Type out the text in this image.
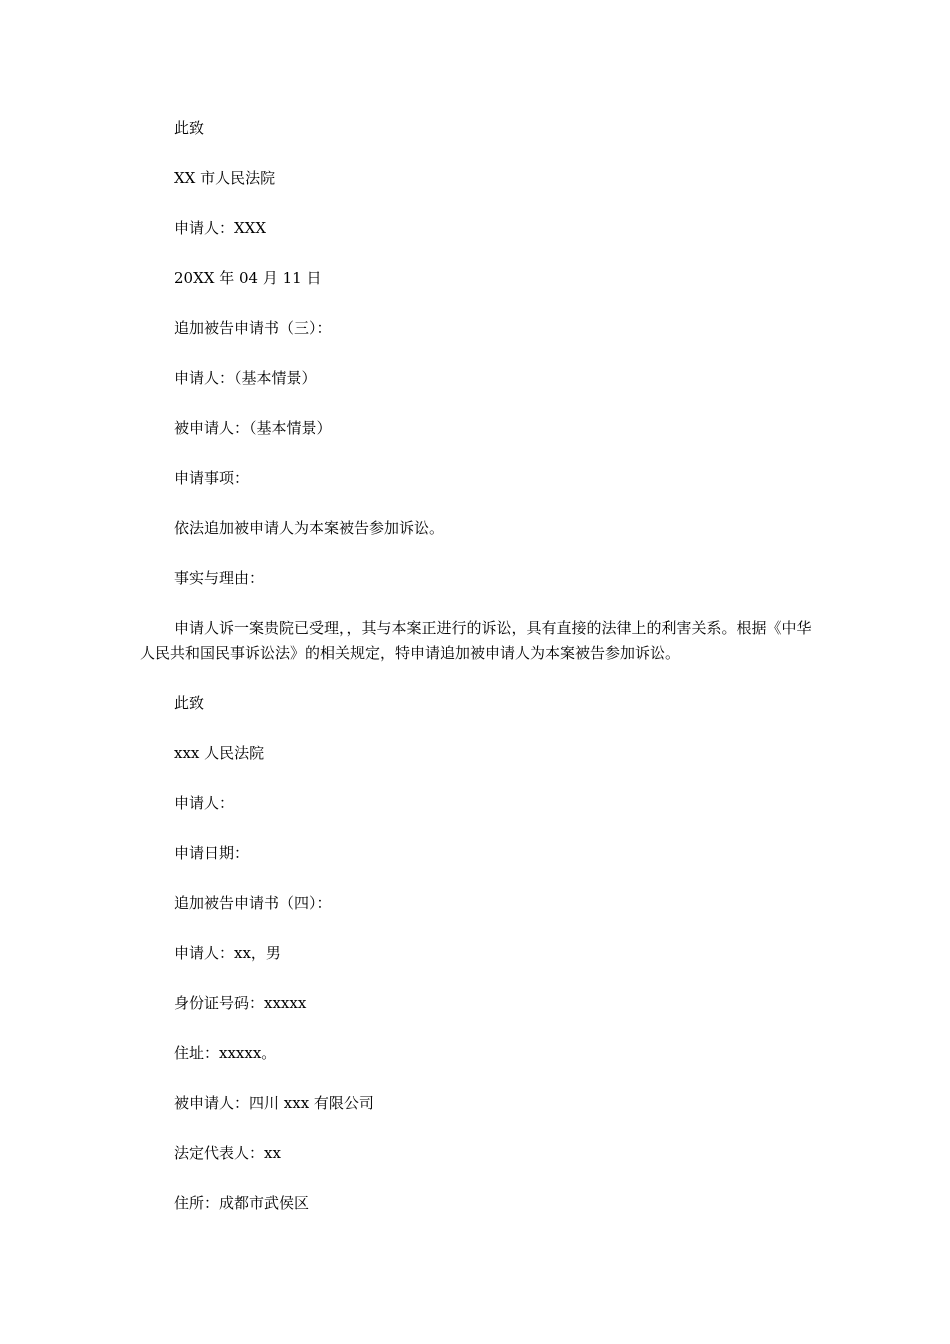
此致

XX 市人民法院

申请人：XXX

20XX 年 04 月 11 日

追加被告申请书（三）：

申请人：（基本情景）

被申请人：（基本情景）

申请事项：

依法追加被申请人为本案被告参加诉讼。

事实与理由：

申请人诉一案贵院已受理，，其与本案正进行的诉讼，具有直接的法律上的利害关系。根据《中华人民共和国民事诉讼法》的相关规定，特申请追加被申请人为本案被告参加诉讼。

此致

xxx 人民法院

申请人：

申请日期：

追加被告申请书（四）：

申请人：xx，男

身份证号码：xxxxx

住址：xxxxx。

被申请人：四川 xxx 有限公司

法定代表人：xx

住所：成都市武侯区
